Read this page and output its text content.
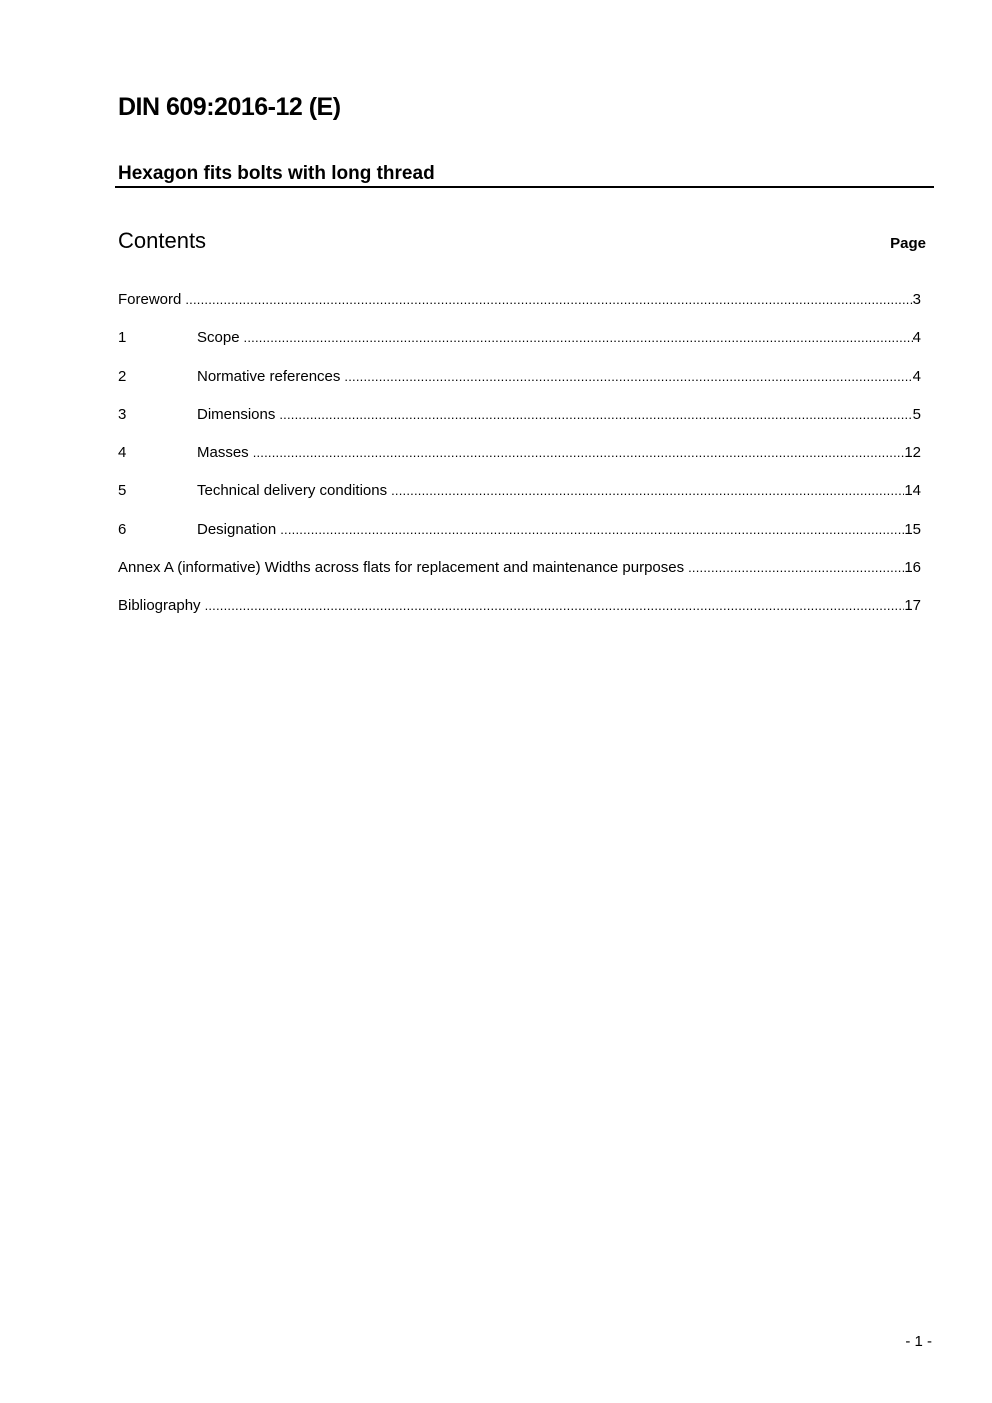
DIN 609:2016-12 (E)
Hexagon fits bolts with long thread
Contents	Page
Foreword .....	3
1	Scope .....	4
2	Normative references .....	4
3	Dimensions .....	5
4	Masses .....	12
5	Technical delivery conditions .....	14
6	Designation .....	15
Annex A (informative) Widths across flats for replacement and maintenance purposes .....	16
Bibliography .....	17
- 1 -
